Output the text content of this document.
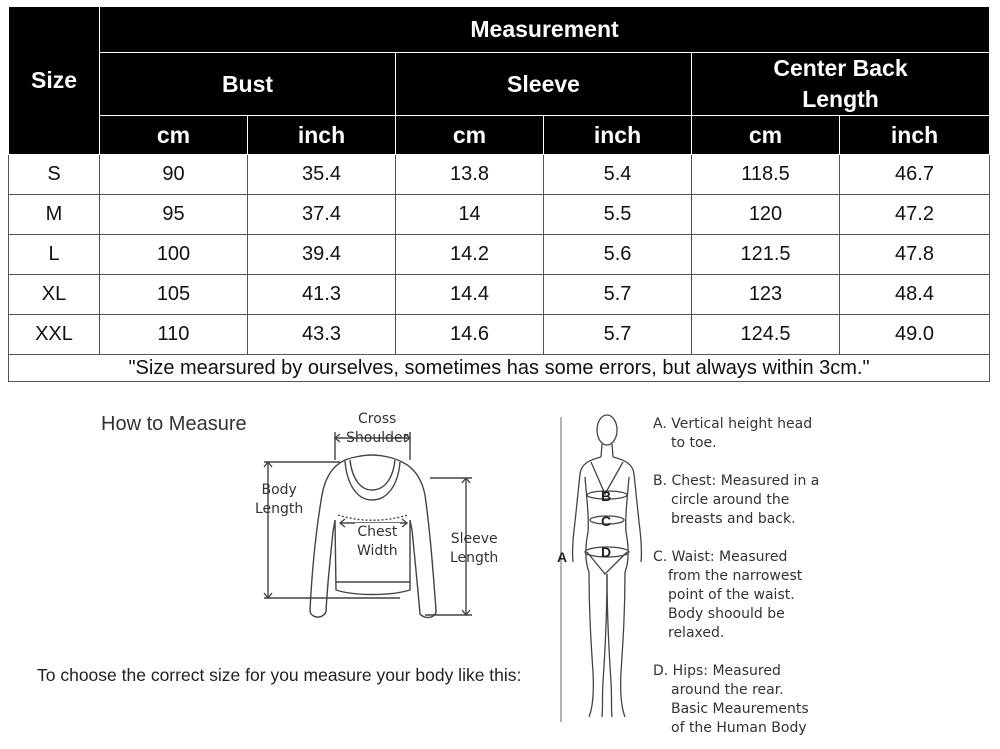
Size	Measurement					
	Bust		Sleeve		Center Back
Length	
	cm	inch	cm	inch	cm	inch
S	90	35.4	13.8	5.4	118.5	46.7
M	95	37.4	14	5.5	120	47.2
L	100	39.4	14.2	5.6	121.5	47.8
XL	105	41.3	14.4	5.7	123	48.4
XXL	110	43.3	14.6	5.7	124.5	49.0
"Size mearsured by ourselves, sometimes has some errors, but always within 3cm."						
How to Measure	Cross
Shoulder
Body
Length
Chest
Width
Sleeve
Length
To choose the correct size for you measure your body like this:
B
C
D
A
A. Vertical height head
to toe.
B. Chest: Measured in a
circle around the
breasts and back.
C. Waist: Measured
from the narrowest
point of the waist.
Body shoould be
relaxed.
D. Hips: Measured
around the rear.
Basic Meaurements
of the Human Body
